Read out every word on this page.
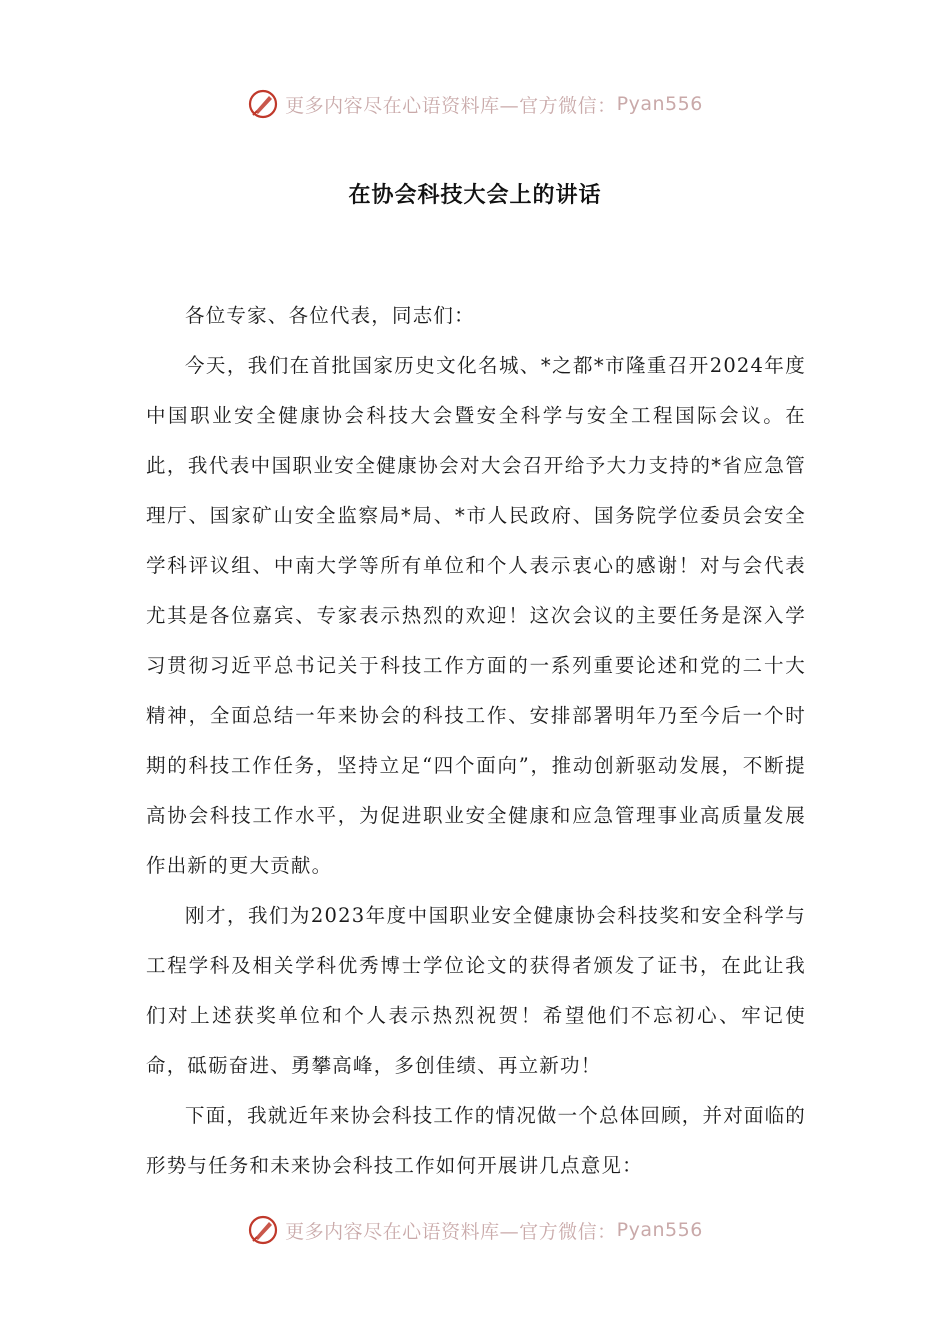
更多内容尽在心语资料库—官方微信： Pyan556
在协会科技大会上的讲话

各位专家、各位代表，同志们：

今天，我们在首批国家历史文化名城、*之都*市隆重召开2024年度中国职业安全健康协会科技大会暨安全科学与安全工程国际会议。在此，我代表中国职业安全健康协会对大会召开给予大力支持的*省应急管理厅、国家矿山安全监察局*局、*市人民政府、国务院学位委员会安全学科评议组、中南大学等所有单位和个人表示衷心的感谢！对与会代表尤其是各位嘉宾、专家表示热烈的欢迎！这次会议的主要任务是深入学习贯彻习近平总书记关于科技工作方面的一系列重要论述和党的二十大精神，全面总结一年来协会的科技工作、安排部署明年乃至今后一个时期的科技工作任务，坚持立足“四个面向”，推动创新驱动发展，不断提高协会科技工作水平，为促进职业安全健康和应急管理事业高质量发展作出新的更大贡献。

刚才，我们为2023年度中国职业安全健康协会科技奖和安全科学与工程学科及相关学科优秀博士学位论文的获得者颁发了证书，在此让我们对上述获奖单位和个人表示热烈祝贺！希望他们不忘初心、牢记使命，砥砺奋进、勇攀高峰，多创佳绩、再立新功！

下面，我就近年来协会科技工作的情况做一个总体回顾，并对面临的形势与任务和未来协会科技工作如何开展讲几点意见：

更多内容尽在心语资料库—官方微信： Pyan556
